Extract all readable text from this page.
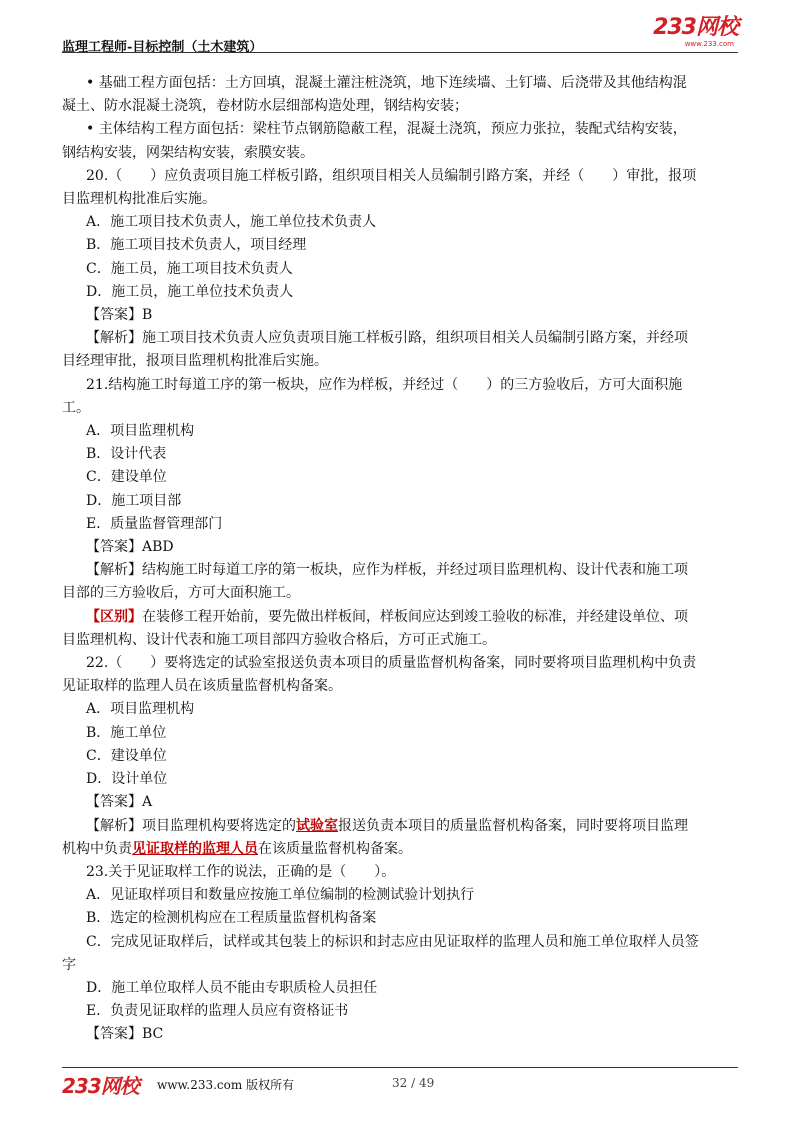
监理工程师-目标控制（土木建筑）
233网校
www.233.com

• 基础工程方面包括：土方回填，混凝土灌注桩浇筑，地下连续墙、土钉墙、后浇带及其他结构混

凝土、防水混凝土浇筑，卷材防水层细部构造处理，钢结构安装；

• 主体结构工程方面包括：梁柱节点钢筋隐蔽工程，混凝土浇筑，预应力张拉，装配式结构安装，

钢结构安装，网架结构安装，索膜安装。

20.（　　）应负责项目施工样板引路，组织项目相关人员编制引路方案，并经（　　）审批，报项

目监理机构批准后实施。

A．施工项目技术负责人，施工单位技术负责人

B．施工项目技术负责人，项目经理

C．施工员，施工项目技术负责人

D．施工员，施工单位技术负责人

【答案】B

【解析】施工项目技术负责人应负责项目施工样板引路，组织项目相关人员编制引路方案，并经项

目经理审批，报项目监理机构批准后实施。

21.结构施工时每道工序的第一板块，应作为样板，并经过（　　）的三方验收后，方可大面积施

工。

A．项目监理机构

B．设计代表

C．建设单位

D．施工项目部

E．质量监督管理部门

【答案】ABD

【解析】结构施工时每道工序的第一板块，应作为样板，并经过项目监理机构、设计代表和施工项

目部的三方验收后，方可大面积施工。

【区别】在装修工程开始前，要先做出样板间，样板间应达到竣工验收的标准，并经建设单位、项

目监理机构、设计代表和施工项目部四方验收合格后，方可正式施工。

22.（　　）要将选定的试验室报送负责本项目的质量监督机构备案，同时要将项目监理机构中负责

见证取样的监理人员在该质量监督机构备案。

A．项目监理机构

B．施工单位

C．建设单位

D．设计单位

【答案】A

【解析】项目监理机构要将选定的试验室报送负责本项目的质量监督机构备案，同时要将项目监理

机构中负责见证取样的监理人员在该质量监督机构备案。

23.关于见证取样工作的说法，正确的是（　　）。

A．见证取样项目和数量应按施工单位编制的检测试验计划执行

B．选定的检测机构应在工程质量监督机构备案

C．完成见证取样后，试样或其包装上的标识和封志应由见证取样的监理人员和施工单位取样人员签

字

D．施工单位取样人员不能由专职质检人员担任

E．负责见证取样的监理人员应有资格证书

【答案】BC

233网校 www.233.com 版权所有	32 / 49
